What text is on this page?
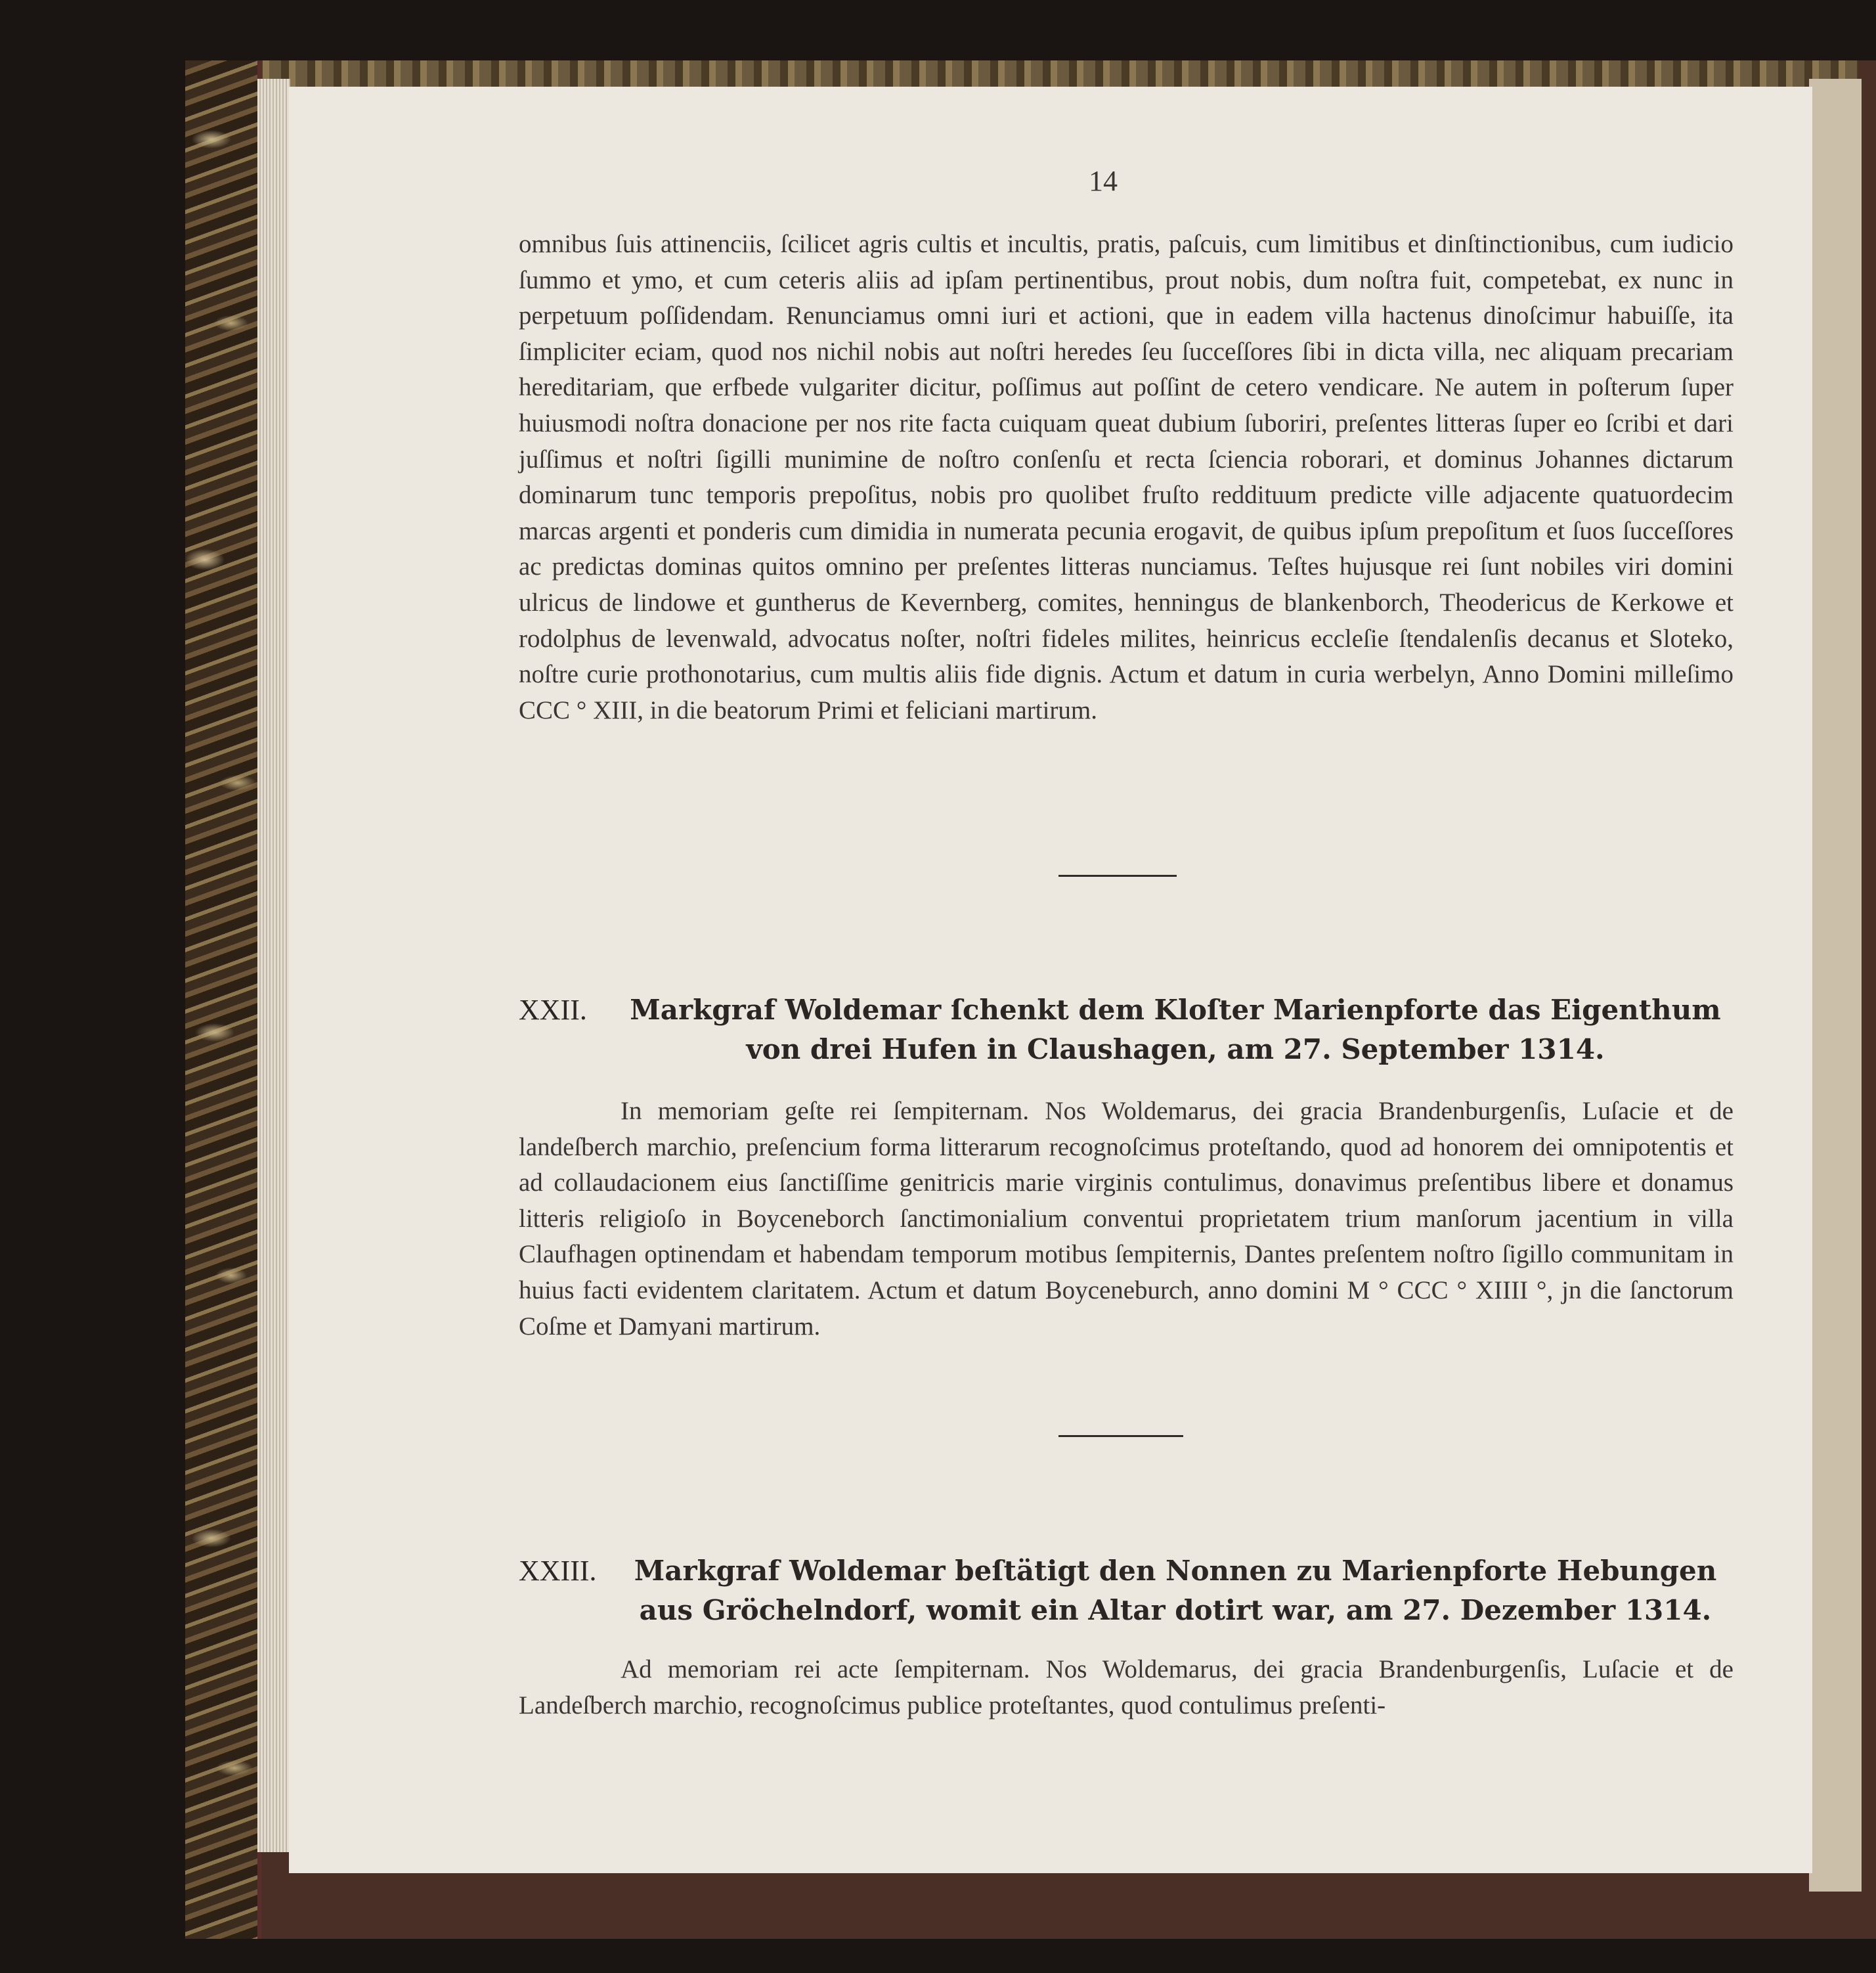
14

omnibus ſuis attinenciis, ſcilicet agris cultis et incultis, pratis, paſcuis, cum limitibus et dinſtinctionibus, cum iudicio ſummo et ymo, et cum ceteris aliis ad ipſam pertinentibus, prout nobis, dum noſtra fuit, competebat, ex nunc in perpetuum poſſidendam. Renunciamus omni iuri et actioni, que in eadem villa hactenus dinoſcimur habuiſſe, ita ſimpliciter eciam, quod nos nichil nobis aut noſtri heredes ſeu ſucceſſores ſibi in dicta villa, nec aliquam precariam hereditariam, que erfbede vulgariter dicitur, poſſimus aut poſſint de cetero vendicare. Ne autem in poſterum ſuper huiusmodi noſtra donacione per nos rite facta cuiquam queat dubium ſuboriri, preſentes litteras ſuper eo ſcribi et dari juſſimus et noſtri ſigilli munimine de noſtro conſenſu et recta ſciencia roborari, et dominus Johannes dictarum dominarum tunc temporis prepoſitus, nobis pro quolibet fruſto reddituum predicte ville adjacente quatuordecim marcas argenti et ponderis cum dimidia in numerata pecunia erogavit, de quibus ipſum prepoſitum et ſuos ſucceſſores ac predictas dominas quitos omnino per preſentes litteras nunciamus. Teſtes hujusque rei ſunt nobiles viri domini ulricus de lindowe et guntherus de Kevernberg, comites, henningus de blankenborch, Theodericus de Kerkowe et rodolphus de levenwald, advocatus noſter, noſtri fideles milites, heinricus eccleſie ſtendalenſis decanus et Sloteko, noſtre curie prothonotarius, cum multis aliis fide dignis. Actum et datum in curia werbelyn, Anno Domini milleſimo CCC ° XIII, in die beatorum Primi et feliciani martirum.

XXII.	Markgraf Woldemar ſchenkt dem Kloſter Marienpforte das Eigenthum von drei Hufen in Claushagen, am 27. September 1314.

In memoriam geſte rei ſempiternam. Nos Woldemarus, dei gracia Brandenburgenſis, Luſacie et de landeſberch marchio, preſencium forma litterarum recognoſcimus proteſtando, quod ad honorem dei omnipotentis et ad collaudacionem eius ſanctiſſime genitricis marie virginis contulimus, donavimus preſentibus libere et donamus litteris religioſo in Boyceneborch ſanctimonialium conventui proprietatem trium manſorum jacentium in villa Claufhagen optinendam et habendam temporum motibus ſempiternis, Dantes preſentem noſtro ſigillo communitam in huius facti evidentem claritatem. Actum et datum Boyceneburch, anno domini M ° CCC ° XIIII °, jn die ſanctorum Coſme et Damyani martirum.

XXIII.	Markgraf Woldemar beſtätigt den Nonnen zu Marienpforte Hebungen aus Gröchelndorf, womit ein Altar dotirt war, am 27. Dezember 1314.

Ad memoriam rei acte ſempiternam. Nos Woldemarus, dei gracia Brandenburgenſis, Luſacie et de Landeſberch marchio, recognoſcimus publice proteſtantes, quod contulimus preſenti-
